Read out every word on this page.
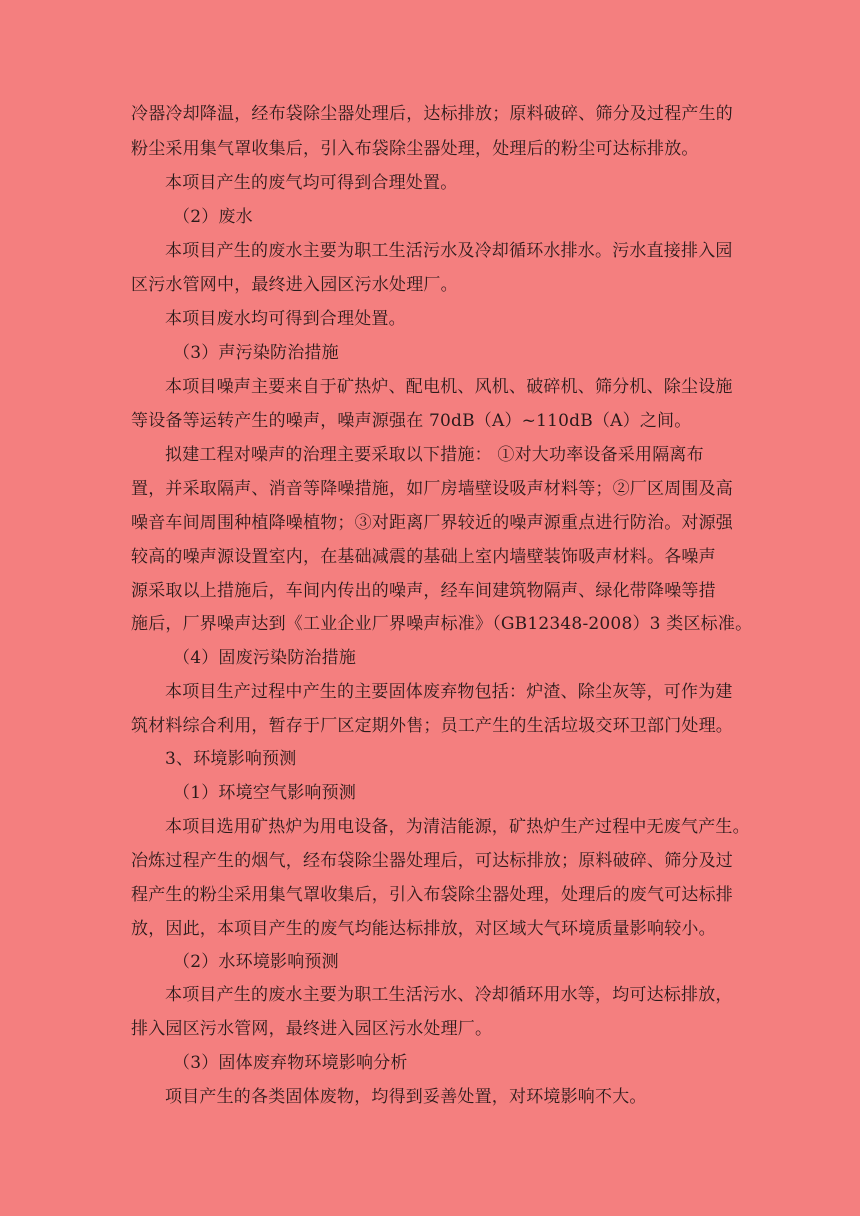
冷器冷却降温，经布袋除尘器处理后，达标排放；原料破碎、筛分及过程产生的
粉尘采用集气罩收集后，引入布袋除尘器处理，处理后的粉尘可达标排放。
本项目产生的废气均可得到合理处置。
（2）废水
本项目产生的废水主要为职工生活污水及冷却循环水排水。污水直接排入园
区污水管网中，最终进入园区污水处理厂。
本项目废水均可得到合理处置。
（3）声污染防治措施
本项目噪声主要来自于矿热炉、配电机、风机、破碎机、筛分机、除尘设施
等设备等运转产生的噪声，噪声源强在 70dB（A）~110dB（A）之间。
拟建工程对噪声的治理主要采取以下措施： ①对大功率设备采用隔离布
置，并采取隔声、消音等降噪措施，如厂房墙壁设吸声材料等；②厂区周围及高
噪音车间周围种植降噪植物；③对距离厂界较近的噪声源重点进行防治。对源强
较高的噪声源设置室内，在基础减震的基础上室内墙壁装饰吸声材料。各噪声
源采取以上措施后，车间内传出的噪声，经车间建筑物隔声、绿化带降噪等措
施后，厂界噪声达到《工业企业厂界噪声标准》（GB12348-2008）3 类区标准。
（4）固废污染防治措施
本项目生产过程中产生的主要固体废弃物包括：炉渣、除尘灰等，可作为建
筑材料综合利用，暂存于厂区定期外售；员工产生的生活垃圾交环卫部门处理。
3、环境影响预测
（1）环境空气影响预测
本项目选用矿热炉为用电设备，为清洁能源，矿热炉生产过程中无废气产生。
冶炼过程产生的烟气，经布袋除尘器处理后，可达标排放；原料破碎、筛分及过
程产生的粉尘采用集气罩收集后，引入布袋除尘器处理，处理后的废气可达标排
放，因此，本项目产生的废气均能达标排放，对区域大气环境质量影响较小。
（2）水环境影响预测
本项目产生的废水主要为职工生活污水、冷却循环用水等，均可达标排放，
排入园区污水管网，最终进入园区污水处理厂。
（3）固体废弃物环境影响分析
项目产生的各类固体废物，均得到妥善处置，对环境影响不大。
